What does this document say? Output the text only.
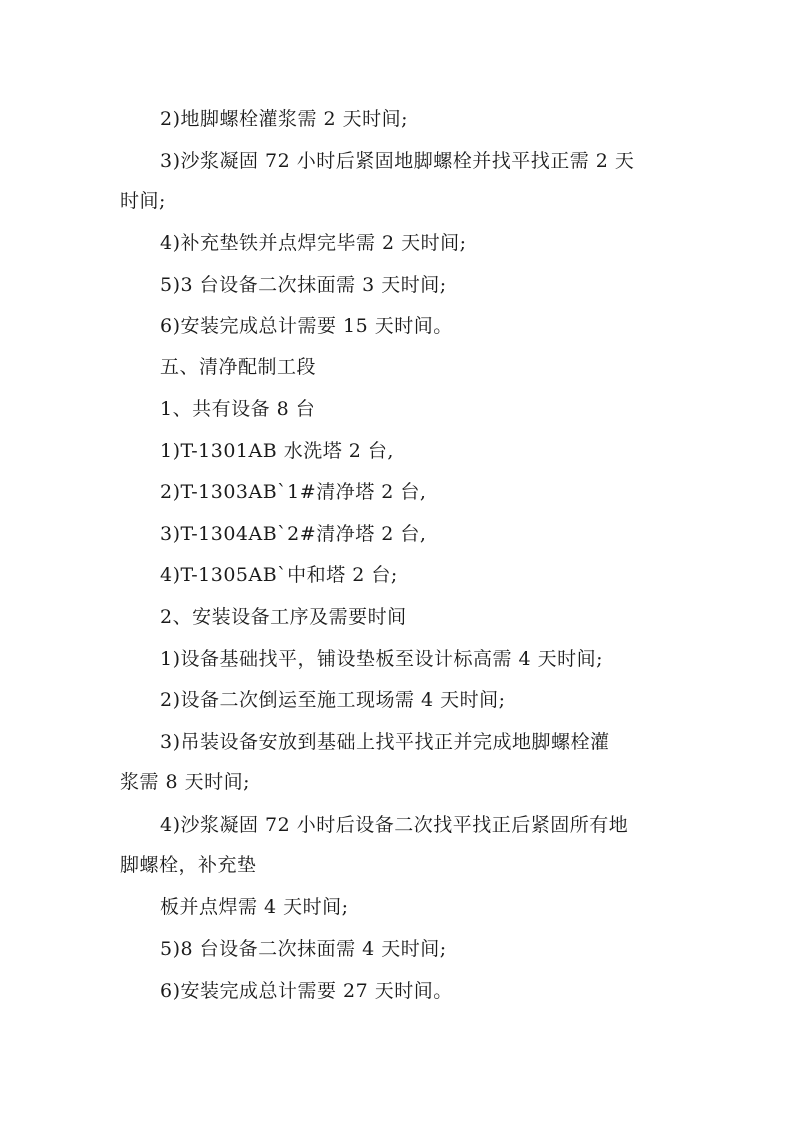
2)地脚螺栓灌浆需 2 天时间;
3)沙浆凝固 72 小时后紧固地脚螺栓并找平找正需 2 天
时间;
4)补充垫铁并点焊完毕需 2 天时间;
5)3 台设备二次抹面需 3 天时间;
6)安装完成总计需要 15 天时间。
五、清净配制工段
1、共有设备 8 台
1)T-1301AB 水洗塔 2 台,
2)T-1303AB`1#清净塔 2 台,
3)T-1304AB`2#清净塔 2 台,
4)T-1305AB`中和塔 2 台;
2、安装设备工序及需要时间
1)设备基础找平，铺设垫板至设计标高需 4 天时间;
2)设备二次倒运至施工现场需 4 天时间;
3)吊装设备安放到基础上找平找正并完成地脚螺栓灌
浆需 8 天时间;
4)沙浆凝固 72 小时后设备二次找平找正后紧固所有地
脚螺栓，补充垫
板并点焊需 4 天时间;
5)8 台设备二次抹面需 4 天时间;
6)安装完成总计需要 27 天时间。
